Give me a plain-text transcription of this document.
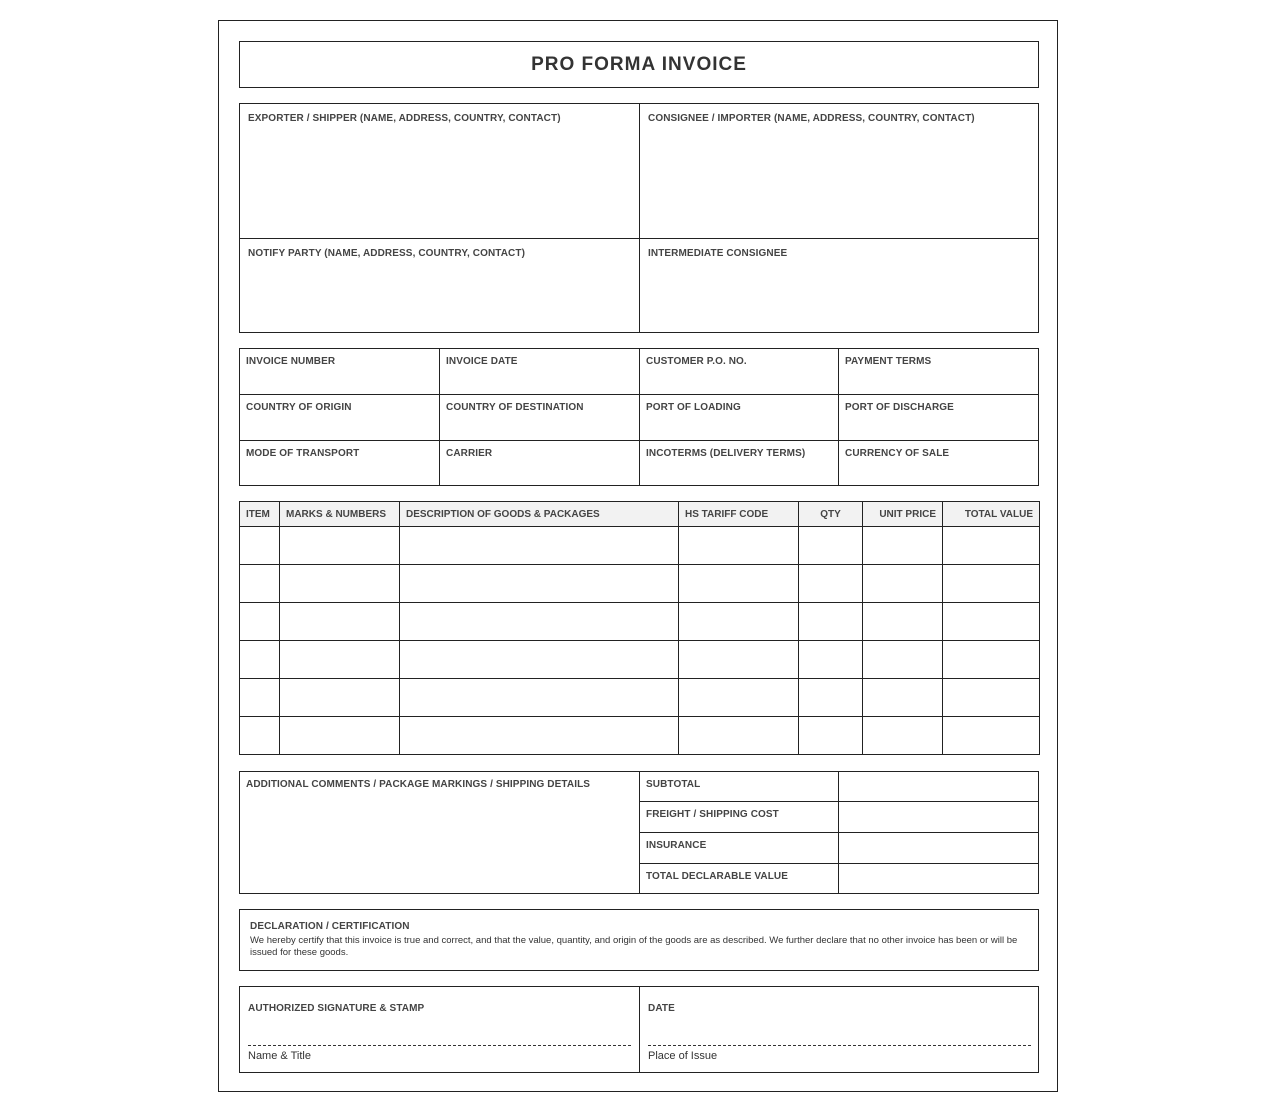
PRO FORMA INVOICE
EXPORTER / SHIPPER (NAME, ADDRESS, COUNTRY, CONTACT)	CONSIGNEE / IMPORTER (NAME, ADDRESS, COUNTRY, CONTACT)
NOTIFY PARTY (NAME, ADDRESS, COUNTRY, CONTACT)	INTERMEDIATE CONSIGNEE
INVOICE NUMBER	INVOICE DATE	CUSTOMER P.O. NO.	PAYMENT TERMS
COUNTRY OF ORIGIN	COUNTRY OF DESTINATION	PORT OF LOADING	PORT OF DISCHARGE
MODE OF TRANSPORT	CARRIER	INCOTERMS (DELIVERY TERMS)	CURRENCY OF SALE
ITEM	MARKS & NUMBERS	DESCRIPTION OF GOODS & PACKAGES	HS TARIFF CODE	QTY	UNIT PRICE	TOTAL VALUE

ADDITIONAL COMMENTS / PACKAGE MARKINGS / SHIPPING DETAILS	SUBTOTAL
FREIGHT / SHIPPING COST
INSURANCE
TOTAL DECLARABLE VALUE
DECLARATION / CERTIFICATION
We hereby certify that this invoice is true and correct, and that the value, quantity, and origin of the goods are as described. We further declare that no other invoice has been or will be issued for these goods.
AUTHORIZED SIGNATURE & STAMP
Name & Title
DATE
Place of Issue
